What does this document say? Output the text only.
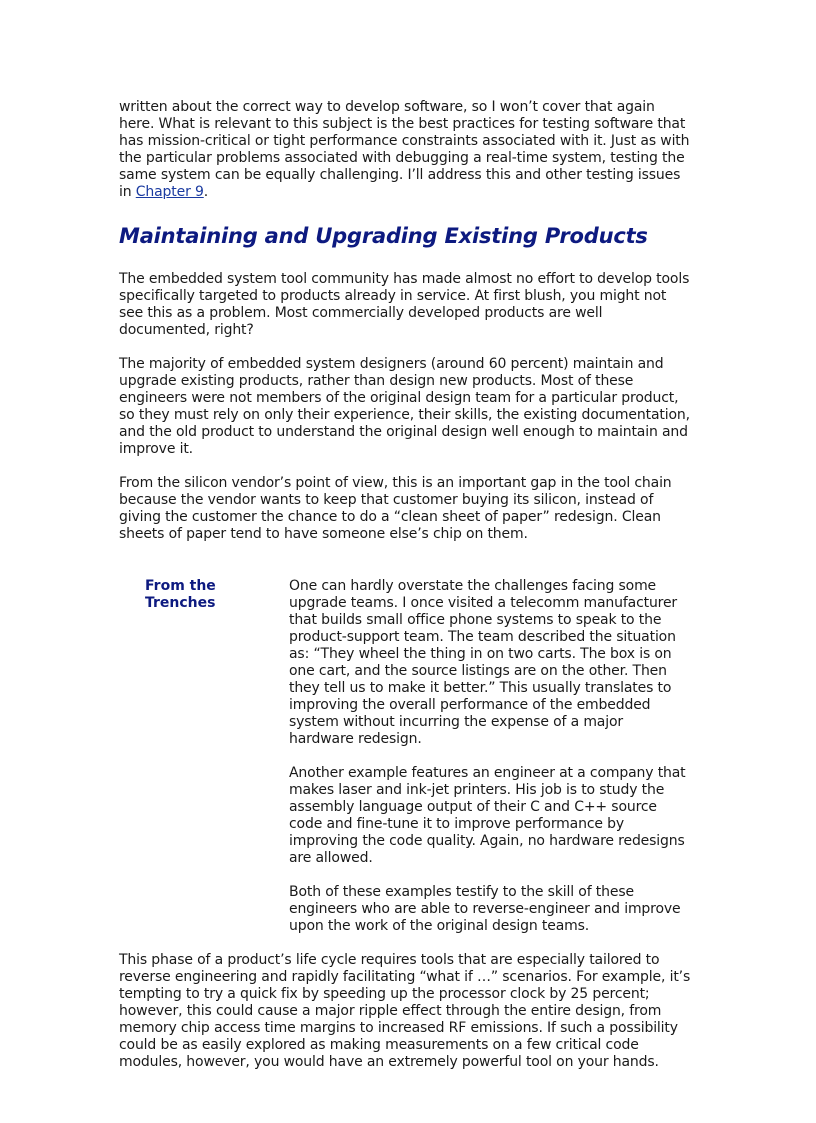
written about the correct way to develop software, so I won’t cover that again here. What is relevant to this subject is the best practices for testing software that has mission-critical or tight performance constraints associated with it. Just as with the particular problems associated with debugging a real-time system, testing the same system can be equally challenging. I’ll address this and other testing issues in Chapter 9.

Maintaining and Upgrading Existing Products

The embedded system tool community has made almost no effort to develop tools specifically targeted to products already in service. At first blush, you might not see this as a problem. Most commercially developed products are well documented, right?

The majority of embedded system designers (around 60 percent) maintain and upgrade existing products, rather than design new products. Most of these engineers were not members of the original design team for a particular product, so they must rely on only their experience, their skills, the existing documentation, and the old product to understand the original design well enough to maintain and improve it.

From the silicon vendor’s point of view, this is an important gap in the tool chain because the vendor wants to keep that customer buying its silicon, instead of giving the customer the chance to do a “clean sheet of paper” redesign. Clean sheets of paper tend to have someone else’s chip on them.

From the
Trenches

One can hardly overstate the challenges facing some upgrade teams. I once visited a telecomm manufacturer that builds small office phone systems to speak to the product-support team. The team described the situation as: “They wheel the thing in on two carts. The box is on one cart, and the source listings are on the other. Then they tell us to make it better.” This usually translates to improving the overall performance of the embedded system without incurring the expense of a major hardware redesign.

Another example features an engineer at a company that makes laser and ink-jet printers. His job is to study the assembly language output of their C and C++ source code and fine-tune it to improve performance by improving the code quality. Again, no hardware redesigns are allowed.

Both of these examples testify to the skill of these engineers who are able to reverse-engineer and improve upon the work of the original design teams.

This phase of a product’s life cycle requires tools that are especially tailored to reverse engineering and rapidly facilitating “what if …” scenarios. For example, it’s tempting to try a quick fix by speeding up the processor clock by 25 percent; however, this could cause a major ripple effect through the entire design, from memory chip access time margins to increased RF emissions. If such a possibility could be as easily explored as making measurements on a few critical code modules, however, you would have an extremely powerful tool on your hands.
